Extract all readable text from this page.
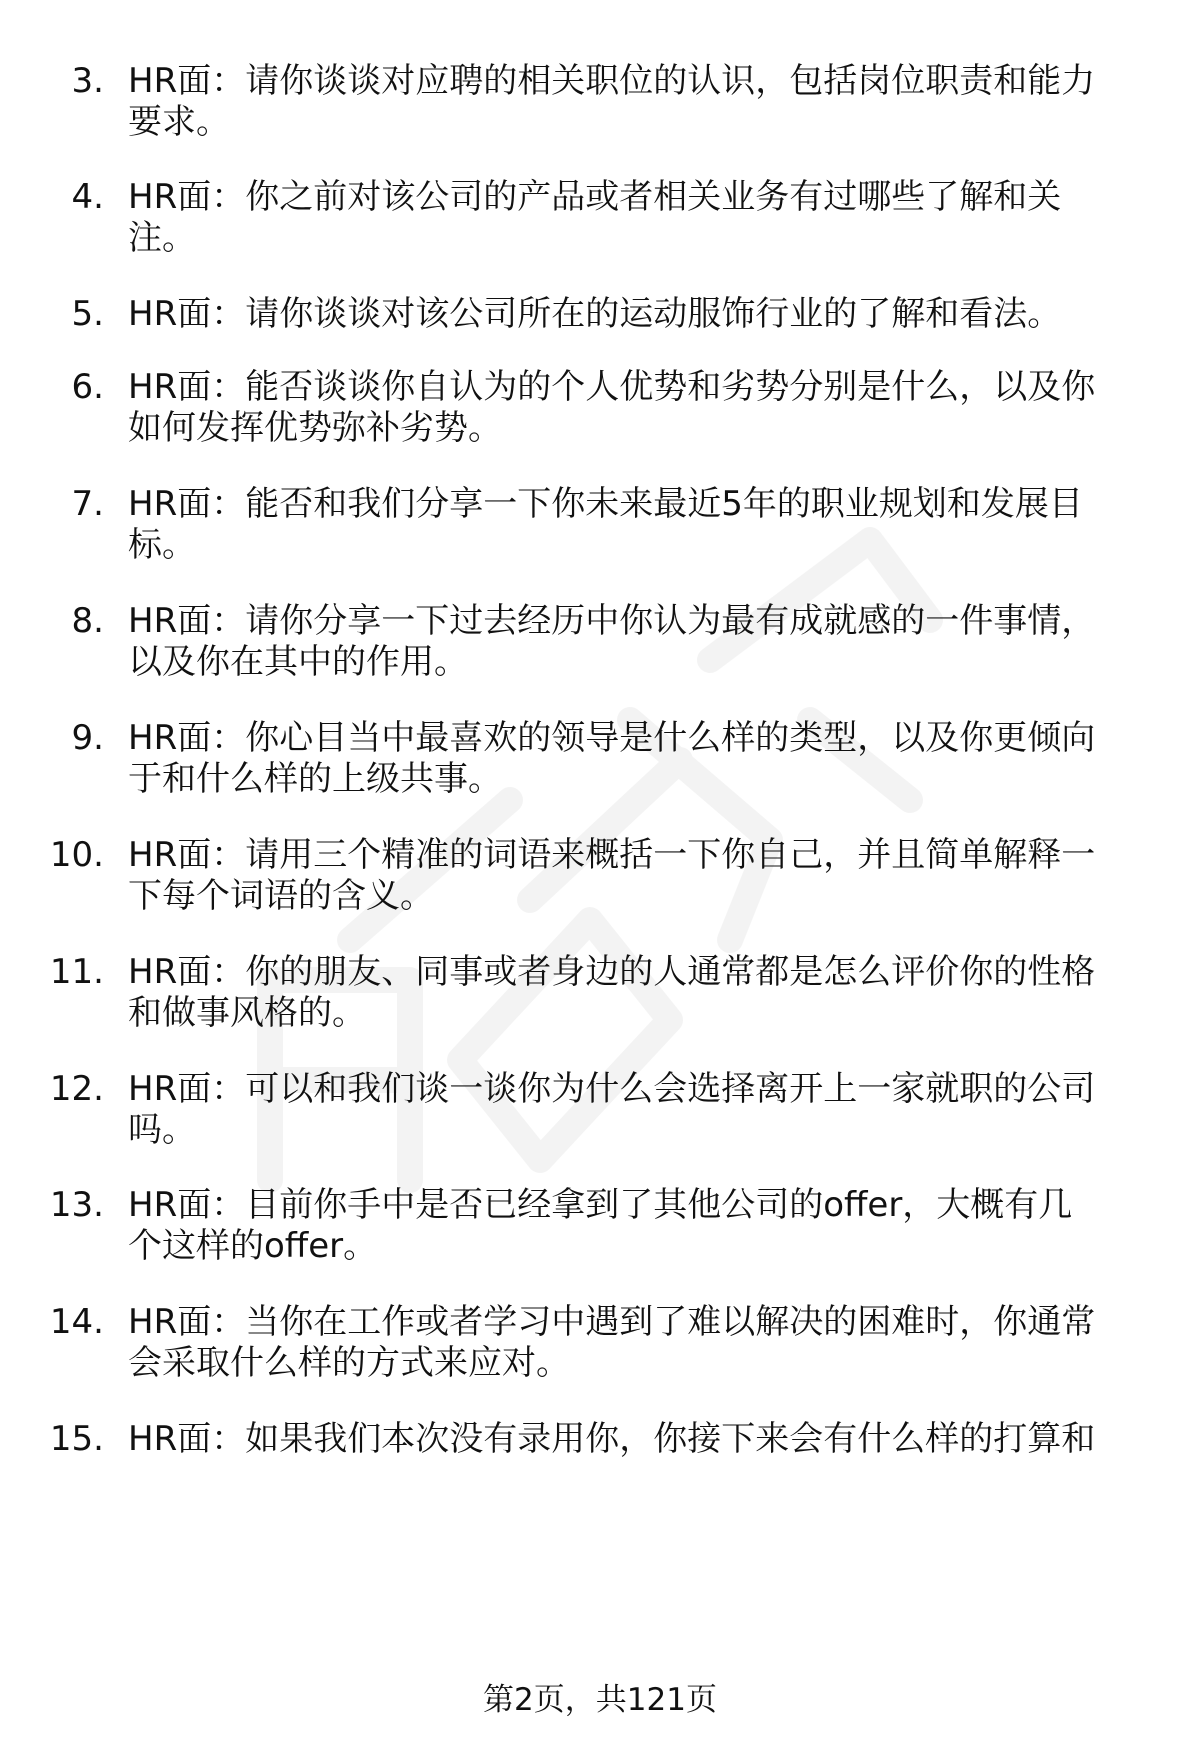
3. HR面：请你谈谈对应聘的相关职位的认识，包括岗位职责和能力
要求。
4. HR面：你之前对该公司的产品或者相关业务有过哪些了解和关
注。
5. HR面：请你谈谈对该公司所在的运动服饰行业的了解和看法。
6. HR面：能否谈谈你自认为的个人优势和劣势分别是什么，以及你
如何发挥优势弥补劣势。
7. HR面：能否和我们分享一下你未来最近5年的职业规划和发展目
标。
8. HR面：请你分享一下过去经历中你认为最有成就感的一件事情，
以及你在其中的作用。
9. HR面：你心目当中最喜欢的领导是什么样的类型，以及你更倾向
于和什么样的上级共事。
10. HR面：请用三个精准的词语来概括一下你自己，并且简单解释一
下每个词语的含义。
11. HR面：你的朋友、同事或者身边的人通常都是怎么评价你的性格
和做事风格的。
12. HR面：可以和我们谈一谈你为什么会选择离开上一家就职的公司
吗。
13. HR面：目前你手中是否已经拿到了其他公司的offer，大概有几
个这样的offer。
14. HR面：当你在工作或者学习中遇到了难以解决的困难时，你通常
会采取什么样的方式来应对。
15. HR面：如果我们本次没有录用你，你接下来会有什么样的打算和
第2页，共121页
